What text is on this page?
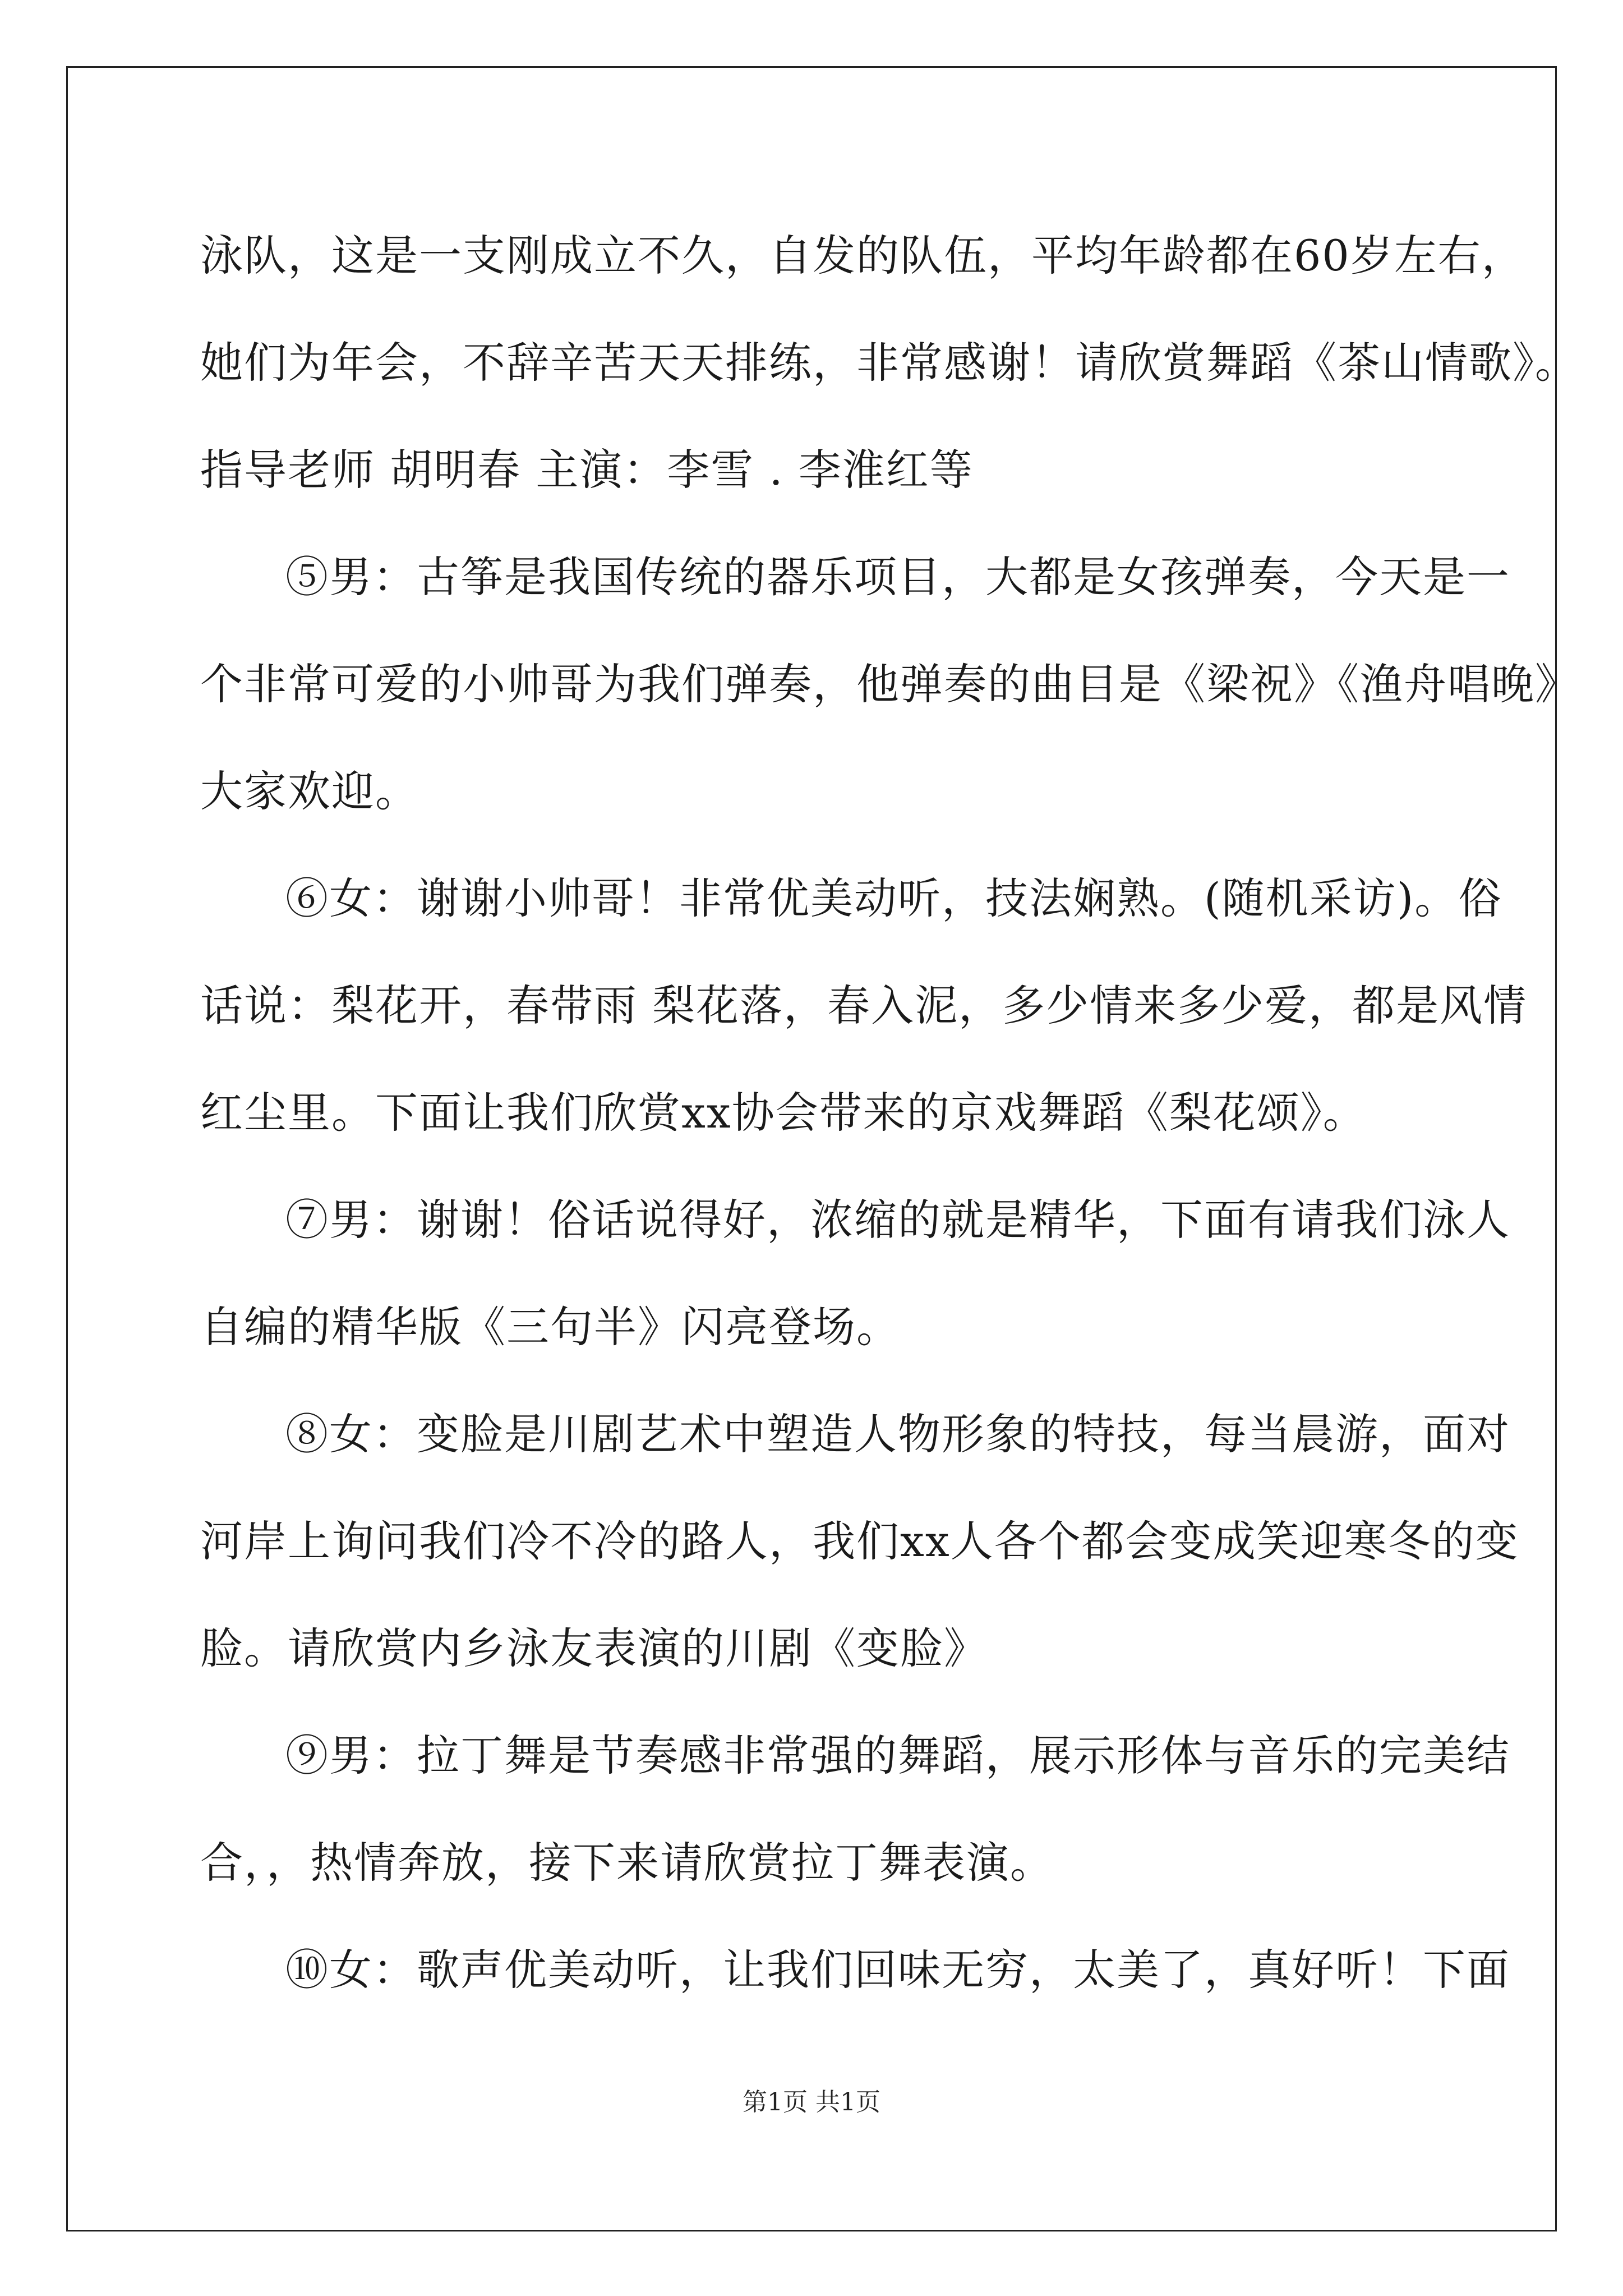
泳队，这是一支刚成立不久，自发的队伍，平均年龄都在60岁左右，
她们为年会，不辞辛苦天天排练，非常感谢！请欣赏舞蹈《茶山情歌》。
指导老师 胡明春 主演：李雪 . 李淮红等
⑤男：古筝是我国传统的器乐项目，大都是女孩弹奏，今天是一
个非常可爱的小帅哥为我们弹奏，他弹奏的曲目是《梁祝》《渔舟唱晚》
大家欢迎。
⑥女：谢谢小帅哥！非常优美动听，技法娴熟。(随机采访)。俗
话说：梨花开，春带雨 梨花落，春入泥，多少情来多少爱，都是风情
红尘里。下面让我们欣赏xx协会带来的京戏舞蹈《梨花颂》。
⑦男：谢谢！俗话说得好，浓缩的就是精华，下面有请我们泳人
自编的精华版《三句半》闪亮登场。
⑧女：变脸是川剧艺术中塑造人物形象的特技，每当晨游，面对
河岸上询问我们冷不冷的路人，我们xx人各个都会变成笑迎寒冬的变
脸。请欣赏内乡泳友表演的川剧《变脸》
⑨男：拉丁舞是节奏感非常强的舞蹈，展示形体与音乐的完美结
合，，热情奔放，接下来请欣赏拉丁舞表演。
⑩女：歌声优美动听，让我们回味无穷，太美了，真好听！下面
第1页 共1页
